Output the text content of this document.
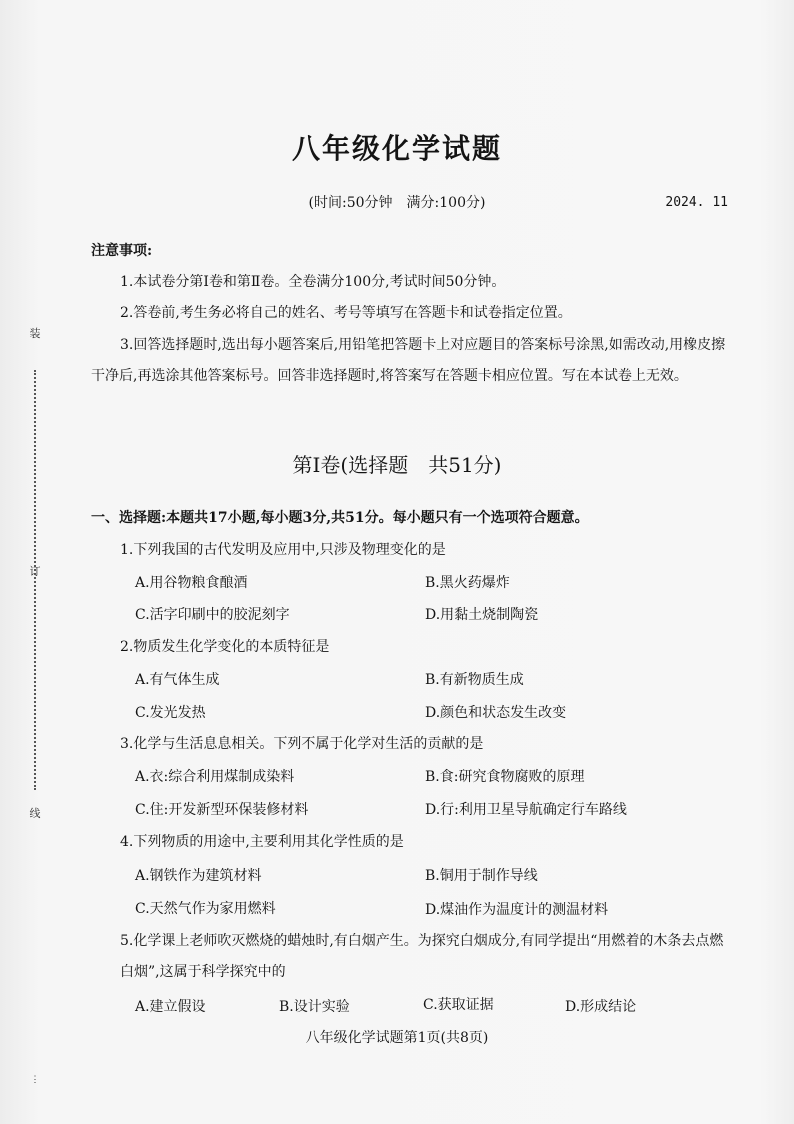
装
订
线
⋮
八年级化学试题
(时间:50分钟　满分:100分)	2024. 11
注意事项:
1.本试卷分第Ⅰ卷和第Ⅱ卷。全卷满分100分,考试时间50分钟。
2.答卷前,考生务必将自己的姓名、考号等填写在答题卡和试卷指定位置。
3.回答选择题时,选出每小题答案后,用铅笔把答题卡上对应题目的答案标号涂黑,如需改动,用橡皮擦干净后,再选涂其他答案标号。回答非选择题时,将答案写在答题卡相应位置。写在本试卷上无效。
第Ⅰ卷(选择题　共51分)
一、选择题:本题共17小题,每小题3分,共51分。每小题只有一个选项符合题意。
1.下列我国的古代发明及应用中,只涉及物理变化的是
A.用谷物粮食酿酒	B.黑火药爆炸
C.活字印刷中的胶泥刻字	D.用黏土烧制陶瓷
2.物质发生化学变化的本质特征是
A.有气体生成	B.有新物质生成
C.发光发热	D.颜色和状态发生改变
3.化学与生活息息相关。下列不属于化学对生活的贡献的是
A.衣:综合利用煤制成染料	B.食:研究食物腐败的原理
C.住:开发新型环保装修材料	D.行:利用卫星导航确定行车路线
4.下列物质的用途中,主要利用其化学性质的是
A.钢铁作为建筑材料	B.铜用于制作导线
C.天然气作为家用燃料	D.煤油作为温度计的测温材料
5.化学课上老师吹灭燃烧的蜡烛时,有白烟产生。为探究白烟成分,有同学提出“用燃着的木条去点燃白烟”,这属于科学探究中的
A.建立假设	B.设计实验	C.获取证据	D.形成结论
八年级化学试题第1页(共8页)
